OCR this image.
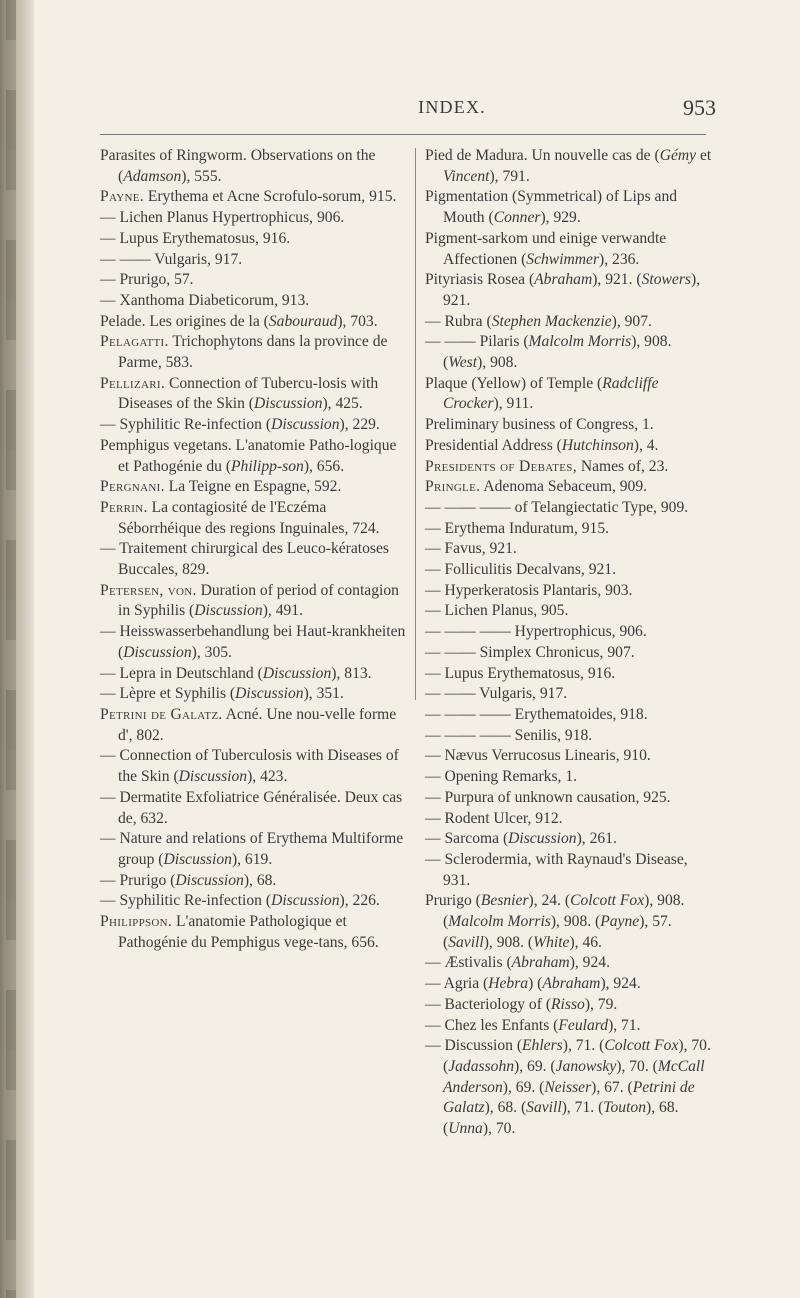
INDEX.	953
Parasites of Ringworm. Observations on the (Adamson), 555.
Payne. Erythema et Acne Scrofulo-sorum, 915.
— Lichen Planus Hypertrophicus, 906.
— Lupus Erythematosus, 916.
— —— Vulgaris, 917.
— Prurigo, 57.
— Xanthoma Diabeticorum, 913.
Pelade. Les origines de la (Sabouraud), 703.
Pelagatti. Trichophytons dans la province de Parme, 583.
Pellizari. Connection of Tubercu-losis with Diseases of the Skin (Discussion), 425.
— Syphilitic Re-infection (Discussion), 229.
Pemphigus vegetans. L'anatomie Patho-logique et Pathogénie du (Philipp-son), 656.
Pergnani. La Teigne en Espagne, 592.
Perrin. La contagiosité de l'Eczéma Séborrhéique des regions Inguinales, 724.
— Traitement chirurgical des Leuco-kératoses Buccales, 829.
Petersen, von. Duration of period of contagion in Syphilis (Discussion), 491.
— Heisswasserbehandlung bei Haut-krankheiten (Discussion), 305.
— Lepra in Deutschland (Discussion), 813.
— Lèpre et Syphilis (Discussion), 351.
Petrini de Galatz. Acné. Une nou-velle forme d', 802.
— Connection of Tuberculosis with Diseases of the Skin (Discussion), 423.
— Dermatite Exfoliatrice Généralisée. Deux cas de, 632.
— Nature and relations of Erythema Multiforme group (Discussion), 619.
— Prurigo (Discussion), 68.
— Syphilitic Re-infection (Discussion), 226.
Philippson. L'anatomie Pathologique et Pathogénie du Pemphigus vege-tans, 656.
Pied de Madura. Un nouvelle cas de (Gémy et Vincent), 791.
Pigmentation (Symmetrical) of Lips and Mouth (Conner), 929.
Pigment-sarkom und einige verwandte Affectionen (Schwimmer), 236.
Pityriasis Rosea (Abraham), 921. (Stowers), 921.
— Rubra (Stephen Mackenzie), 907.
— —— Pilaris (Malcolm Morris), 908. (West), 908.
Plaque (Yellow) of Temple (Radcliffe Crocker), 911.
Preliminary business of Congress, 1.
Presidential Address (Hutchinson), 4.
Presidents of Debates, Names of, 23.
Pringle. Adenoma Sebaceum, 909.
— —— —— of Telangiectatic Type, 909.
— Erythema Induratum, 915.
— Favus, 921.
— Folliculitis Decalvans, 921.
— Hyperkeratosis Plantaris, 903.
— Lichen Planus, 905.
— —— —— Hypertrophicus, 906.
— —— Simplex Chronicus, 907.
— Lupus Erythematosus, 916.
— —— Vulgaris, 917.
— —— —— Erythematoides, 918.
— —— —— Senilis, 918.
— Nævus Verrucosus Linearis, 910.
— Opening Remarks, 1.
— Purpura of unknown causation, 925.
— Rodent Ulcer, 912.
— Sarcoma (Discussion), 261.
— Sclerodermia, with Raynaud's Disease, 931.
Prurigo (Besnier), 24. (Colcott Fox), 908. (Malcolm Morris), 908. (Payne), 57. (Savill), 908. (White), 46.
— Æstivalis (Abraham), 924.
— Agria (Hebra) (Abraham), 924.
— Bacteriology of (Risso), 79.
— Chez les Enfants (Feulard), 71.
— Discussion (Ehlers), 71. (Colcott Fox), 70. (Jadassohn), 69. (Janowsky), 70. (McCall Anderson), 69. (Neisser), 67. (Petrini de Galatz), 68. (Savill), 71. (Touton), 68. (Unna), 70.
